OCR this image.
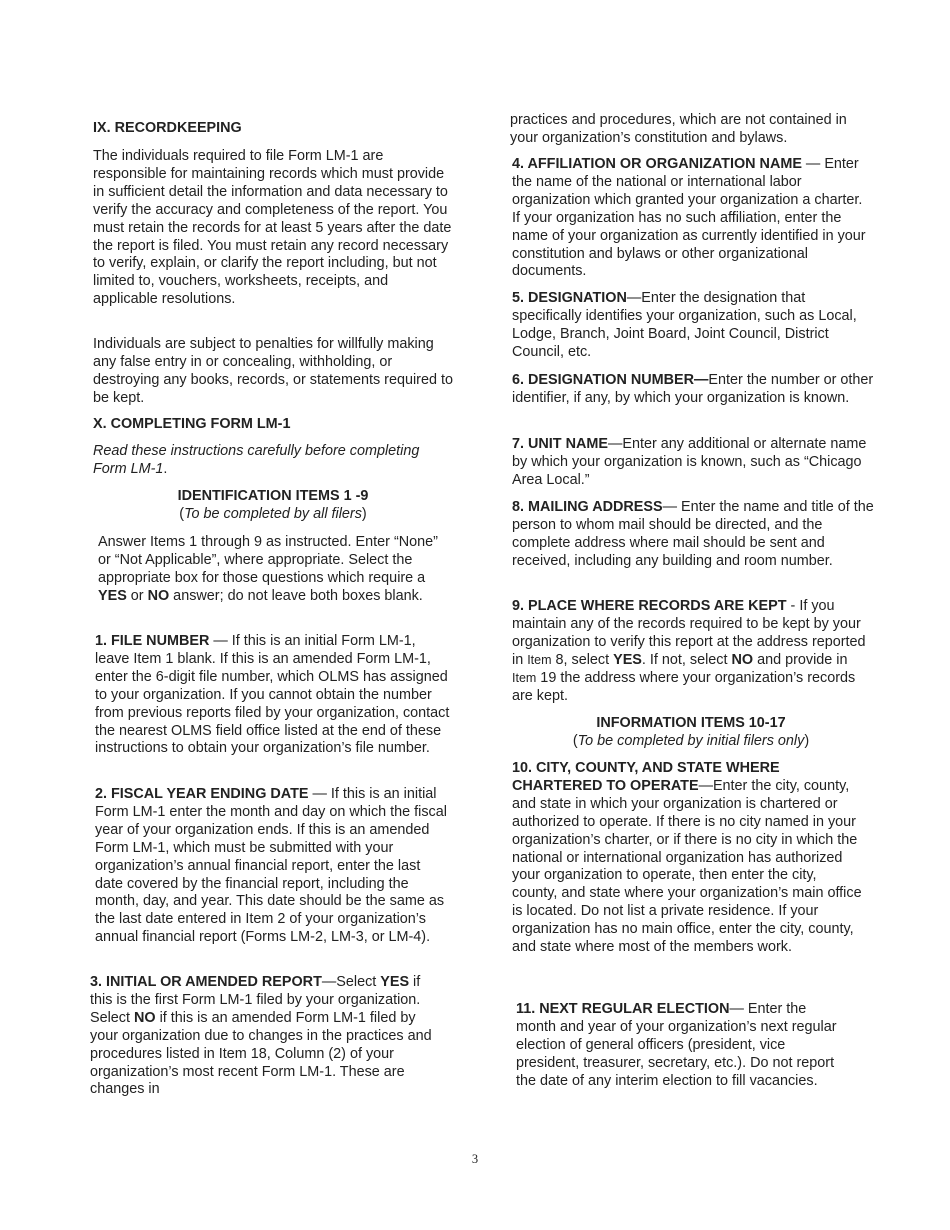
IX. RECORDKEEPING

The individuals required to file Form LM-1 are responsible for maintaining records which must provide in sufficient detail the information and data necessary to verify the accuracy and completeness of the report. You must retain the records for at least 5 years after the date the report is filed. You must retain any record necessary to verify, explain, or clarify the report including, but not limited to, vouchers, worksheets, receipts, and applicable resolutions.

Individuals are subject to penalties for willfully making any false entry in or concealing, withholding, or destroying any books, records, or statements required to be kept.

X. COMPLETING FORM LM-1

Read these instructions carefully before completing Form LM-1.

IDENTIFICATION ITEMS 1 -9

(To be completed by all filers)

Answer Items 1 through 9 as instructed. Enter “None” or “Not Applicable”, where appropriate. Select the appropriate box for those questions which require a YES or NO answer; do not leave both boxes blank.

1. FILE NUMBER — If this is an initial Form LM-1, leave Item 1 blank. If this is an amended Form LM-1, enter the 6-digit file number, which OLMS has assigned to your organization. If you cannot obtain the number from previous reports filed by your organization, contact the nearest OLMS field office listed at the end of these instructions to obtain your organization’s file number.

2. FISCAL YEAR ENDING DATE — If this is an initial Form LM-1 enter the month and day on which the fiscal year of your organization ends. If this is an amended Form LM-1, which must be submitted with your organization’s annual financial report, enter the last date covered by the financial report, including the month, day, and year. This date should be the same as the last date entered in Item 2 of your organization’s annual financial report (Forms LM-2, LM-3, or LM-4).

3. INITIAL OR AMENDED REPORT—Select YES if this is the first Form LM-1 filed by your organization. Select NO if this is an amended Form LM-1 filed by your organization due to changes in the practices and procedures listed in Item 18, Column (2) of your organization’s most recent Form LM-1. These are changes in

practices and procedures, which are not contained in your organization’s constitution and bylaws.

4. AFFILIATION OR ORGANIZATION NAME — Enter the name of the national or international labor organization which granted your organization a charter. If your organization has no such affiliation, enter the name of your organization as currently identified in your constitution and bylaws or other organizational documents.

5. DESIGNATION—Enter the designation that specifically identifies your organization, such as Local, Lodge, Branch, Joint Board, Joint Council, District Council, etc.

6. DESIGNATION NUMBER—Enter the number or other identifier, if any, by which your organization is known.

7. UNIT NAME—Enter any additional or alternate name by which your organization is known, such as “Chicago Area Local.”

8. MAILING ADDRESS— Enter the name and title of the person to whom mail should be directed, and the complete address where mail should be sent and received, including any building and room number.

9. PLACE WHERE RECORDS ARE KEPT - If you maintain any of the records required to be kept by your organization to verify this report at the address reported in Item 8, select YES. If not, select NO and provide in Item 19 the address where your organization’s records are kept.

INFORMATION ITEMS 10-17

(To be completed by initial filers only)

10. CITY, COUNTY, AND STATE WHERE CHARTERED TO OPERATE—Enter the city, county, and state in which your organization is chartered or authorized to operate. If there is no city named in your organization’s charter, or if there is no city in which the national or international organization has authorized your organization to operate, then enter the city, county, and state where your organization’s main office is located. Do not list a private residence. If your organization has no main office, enter the city, county, and state where most of the members work.

11. NEXT REGULAR ELECTION— Enter the month and year of your organization’s next regular election of general officers (president, vice president, treasurer, secretary, etc.). Do not report the date of any interim election to fill vacancies.

3
